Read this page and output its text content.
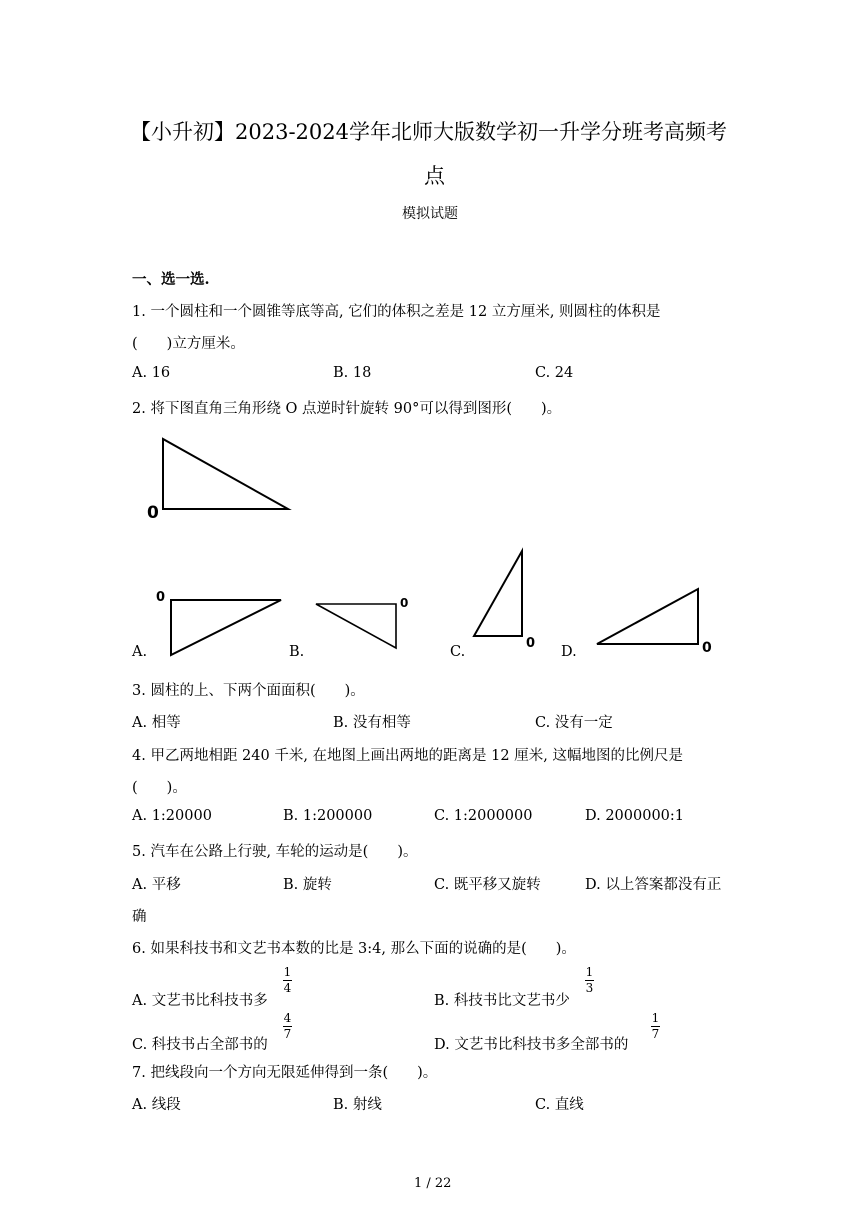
【小升初】2023-2024学年北师大版数学初一升学分班考高频考
点
模拟试题
一、选一选.
1. 一个圆柱和一个圆锥等底等高, 它们的体积之差是 12 立方厘米, 则圆柱的体积是
(　　)立方厘米。
A. 16	B. 18	C. 24
2. 将下图直角三角形绕 O 点逆时针旋转 90°可以得到图形(　　)。
0
0	0
0	0
A.	B.	C.	D.
3. 圆柱的上、下两个面面积(　　)。
A. 相等	B. 没有相等	C. 没有一定
4. 甲乙两地相距 240 千米, 在地图上画出两地的距离是 12 厘米, 这幅地图的比例尺是
(　　)。
A. 1:20000	B. 1:200000	C. 1:2000000	D. 2000000:1
5. 汽车在公路上行驶, 车轮的运动是(　　)。
A. 平移	B. 旋转	C. 既平移又旋转	D. 以上答案都没有正
确
6. 如果科技书和文艺书本数的比是 3:4, 那么下面的说确的是(　　)。
A. 文艺书比科技书多
1
4
B. 科技书比文艺书少
1
3
C. 科技书占全部书的
4
7
D. 文艺书比科技书多全部书的
1
7
7. 把线段向一个方向无限延伸得到一条(　　)。
A. 线段	B. 射线	C. 直线
1 / 22
